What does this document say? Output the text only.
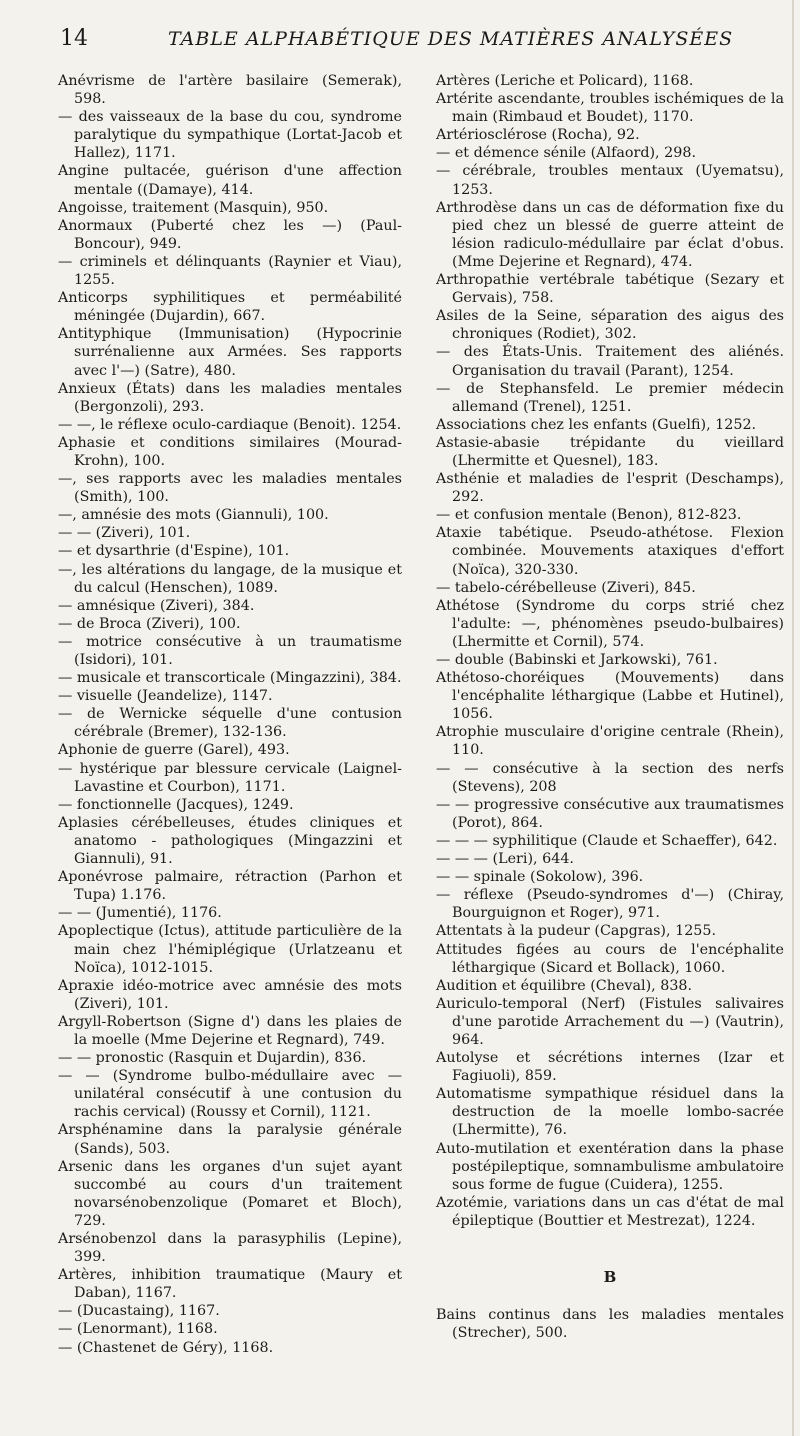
14	TABLE ALPHABÉTIQUE DES MATIÈRES ANALYSÉES

Anévrisme de l'artère basilaire (Semerak), 598.

— des vaisseaux de la base du cou, syndrome paralytique du sympathique (Lortat-Jacob et Hallez), 1171.

Angine pultacée, guérison d'une affection mentale ((Damaye), 414.

Angoisse, traitement (Masquin), 950.

Anormaux (Puberté chez les —) (Paul-Boncour), 949.

— criminels et délinquants (Raynier et Viau), 1255.

Anticorps syphilitiques et perméabilité méningée (Dujardin), 667.

Antityphique (Immunisation) (Hypocrinie surrénalienne aux Armées. Ses rapports avec l'—) (Satre), 480.

Anxieux (États) dans les maladies mentales (Bergonzoli), 293.

— —, le réflexe oculo-cardiaque (Benoit). 1254.

Aphasie et conditions similaires (Mourad-Krohn), 100.

—, ses rapports avec les maladies mentales (Smith), 100.

—, amnésie des mots (Giannuli), 100.

— — (Ziveri), 101.

— et dysarthrie (d'Espine), 101.

—, les altérations du langage, de la musique et du calcul (Henschen), 1089.

— amnésique (Ziveri), 384.

— de Broca (Ziveri), 100.

— motrice consécutive à un traumatisme (Isidori), 101.

— musicale et transcorticale (Mingazzini), 384.

— visuelle (Jeandelize), 1147.

— de Wernicke séquelle d'une contusion cérébrale (Bremer), 132-136.

Aphonie de guerre (Garel), 493.

— hystérique par blessure cervicale (Laignel-Lavastine et Courbon), 1171.

— fonctionnelle (Jacques), 1249.

Aplasies cérébelleuses, études cliniques et anatomo - pathologiques (Mingazzini et Giannuli), 91.

Aponévrose palmaire, rétraction (Parhon et Tupa) 1.176.

— — (Jumentié), 1176.

Apoplectique (Ictus), attitude particulière de la main chez l'hémiplégique (Urlatzeanu et Noïca), 1012-1015.

Apraxie idéo-motrice avec amnésie des mots (Ziveri), 101.

Argyll-Robertson (Signe d') dans les plaies de la moelle (Mme Dejerine et Regnard), 749.

— — pronostic (Rasquin et Dujardin), 836.

— — (Syndrome bulbo-médullaire avec — unilatéral consécutif à une contusion du rachis cervical) (Roussy et Cornil), 1121.

Arsphénamine dans la paralysie générale (Sands), 503.

Arsenic dans les organes d'un sujet ayant succombé au cours d'un traitement novarsénobenzolique (Pomaret et Bloch), 729.

Arsénobenzol dans la parasyphilis (Lepine), 399.

Artères, inhibition traumatique (Maury et Daban), 1167.

— (Ducastaing), 1167.

— (Lenormant), 1168.

— (Chastenet de Géry), 1168.

Artères (Leriche et Policard), 1168.

Artérite ascendante, troubles ischémiques de la main (Rimbaud et Boudet), 1170.

Artériosclérose (Rocha), 92.

— et démence sénile (Alfaord), 298.

— cérébrale, troubles mentaux (Uyematsu), 1253.

Arthrodèse dans un cas de déformation fixe du pied chez un blessé de guerre atteint de lésion radiculo-médullaire par éclat d'obus. (Mme Dejerine et Regnard), 474.

Arthropathie vertébrale tabétique (Sezary et Gervais), 758.

Asiles de la Seine, séparation des aigus des chroniques (Rodiet), 302.

— des États-Unis. Traitement des aliénés. Organisation du travail (Parant), 1254.

— de Stephansfeld. Le premier médecin allemand (Trenel), 1251.

Associations chez les enfants (Guelfi), 1252.

Astasie-abasie trépidante du vieillard (Lhermitte et Quesnel), 183.

Asthénie et maladies de l'esprit (Deschamps), 292.

— et confusion mentale (Benon), 812-823.

Ataxie tabétique. Pseudo-athétose. Flexion combinée. Mouvements ataxiques d'effort (Noïca), 320-330.

— tabelo-cérébelleuse (Ziveri), 845.

Athétose (Syndrome du corps strié chez l'adulte: —, phénomènes pseudo-bulbaires) (Lhermitte et Cornil), 574.

— double (Babinski et Jarkowski), 761.

Athétoso-choréiques (Mouvements) dans l'encéphalite léthargique (Labbe et Hutinel), 1056.

Atrophie musculaire d'origine centrale (Rhein), 110.

— — consécutive à la section des nerfs (Stevens), 208

— — progressive consécutive aux traumatismes (Porot), 864.

— — — syphilitique (Claude et Schaeffer), 642.

— — — (Leri), 644.

— — spinale (Sokolow), 396.

— réflexe (Pseudo-syndromes d'—) (Chiray, Bourguignon et Roger), 971.

Attentats à la pudeur (Capgras), 1255.

Attitudes figées au cours de l'encéphalite léthargique (Sicard et Bollack), 1060.

Audition et équilibre (Cheval), 838.

Auriculo-temporal (Nerf) (Fistules salivaires d'une parotide Arrachement du —) (Vautrin), 964.

Autolyse et sécrétions internes (Izar et Fagiuoli), 859.

Automatisme sympathique résiduel dans la destruction de la moelle lombo-sacrée (Lhermitte), 76.

Auto-mutilation et exentération dans la phase postépileptique, somnambulisme ambulatoire sous forme de fugue (Cuidera), 1255.

Azotémie, variations dans un cas d'état de mal épileptique (Bouttier et Mestrezat), 1224.

B

Bains continus dans les maladies mentales (Strecher), 500.
